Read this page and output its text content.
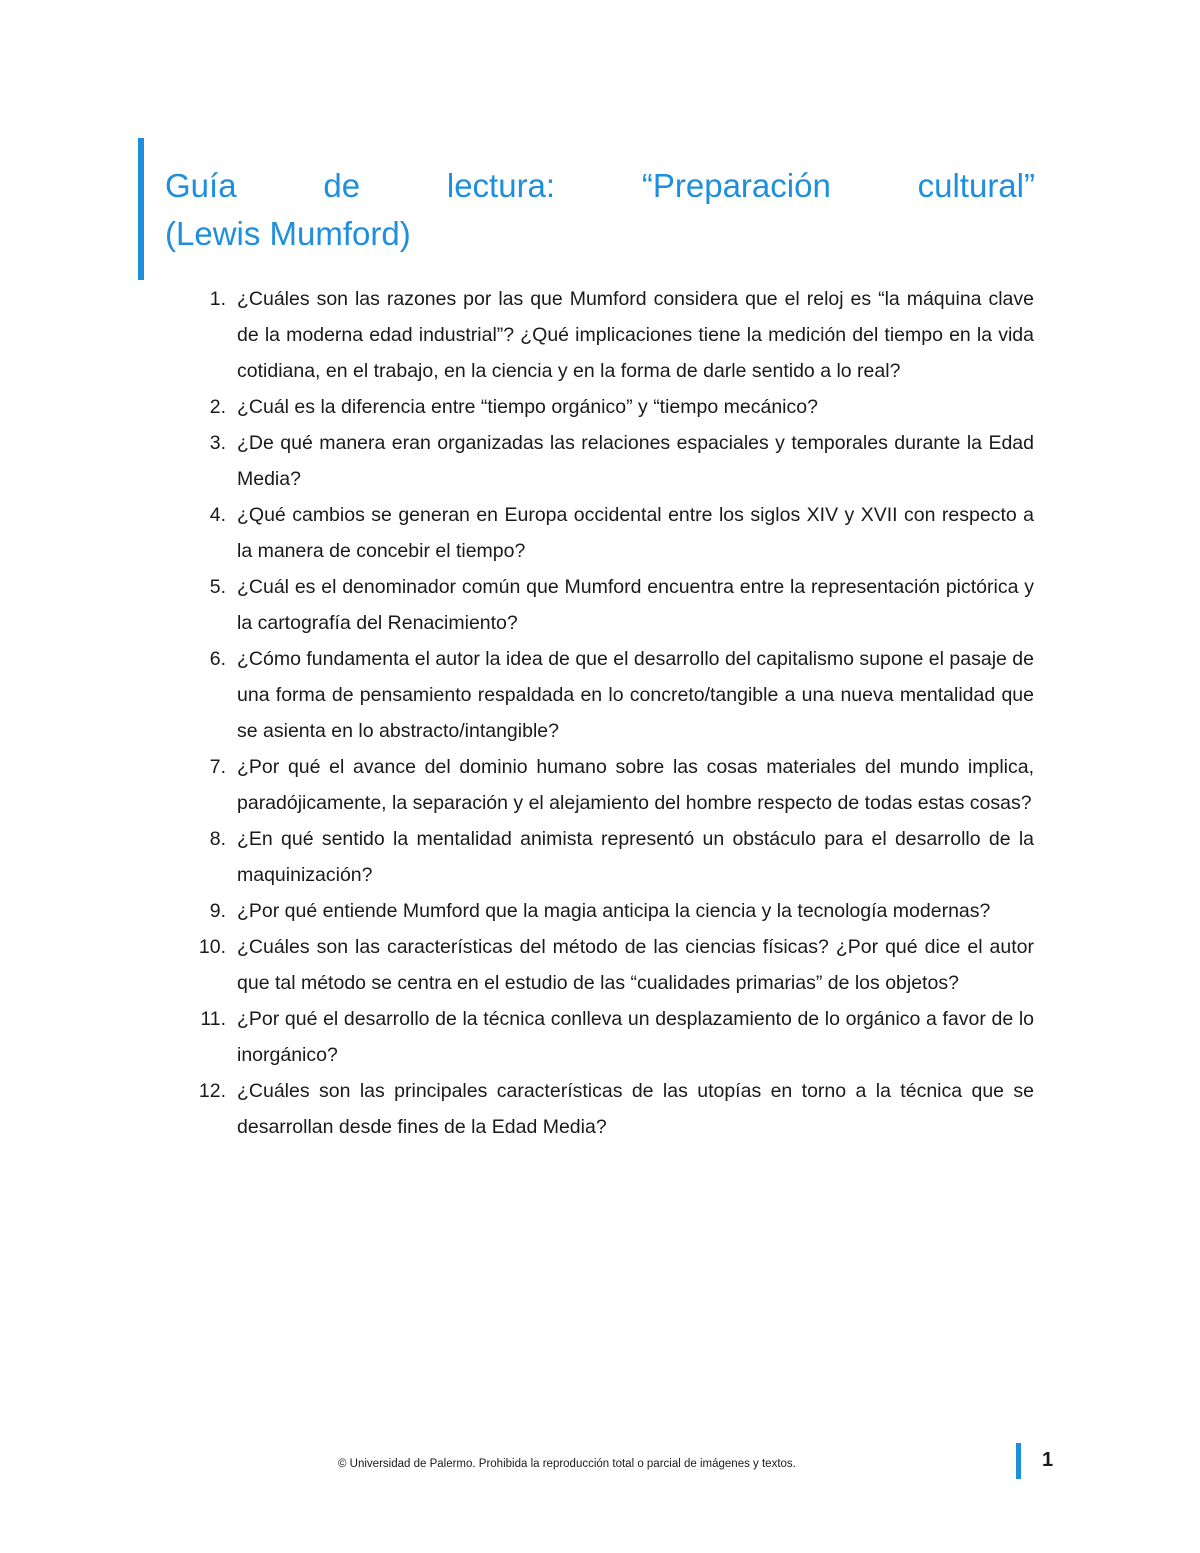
Guía	de	lectura:	“Preparación	cultural”
(Lewis Mumford)
1. ¿Cuáles son las razones por las que Mumford considera que el reloj es “la máquina clave de la moderna edad industrial”? ¿Qué implicaciones tiene la medición del tiempo en la vida cotidiana, en el trabajo, en la ciencia y en la forma de darle sentido a lo real?
2. ¿Cuál es la diferencia entre “tiempo orgánico” y “tiempo mecánico?
3. ¿De qué manera eran organizadas las relaciones espaciales y temporales durante la Edad Media?
4. ¿Qué cambios se generan en Europa occidental entre los siglos XIV y XVII con respecto a la manera de concebir el tiempo?
5. ¿Cuál es el denominador común que Mumford encuentra entre la representación pictórica y la cartografía del Renacimiento?
6. ¿Cómo fundamenta el autor la idea de que el desarrollo del capitalismo supone el pasaje de una forma de pensamiento respaldada en lo concreto/tangible a una nueva mentalidad que se asienta en lo abstracto/intangible?
7. ¿Por qué el avance del dominio humano sobre las cosas materiales del mundo implica, paradójicamente, la separación y el alejamiento del hombre respecto de todas estas cosas?
8. ¿En qué sentido la mentalidad animista representó un obstáculo para el desarrollo de la maquinización?
9. ¿Por qué entiende Mumford que la magia anticipa la ciencia y la tecnología modernas?
10. ¿Cuáles son las características del método de las ciencias físicas? ¿Por qué dice el autor que tal método se centra en el estudio de las “cualidades primarias” de los objetos?
11. ¿Por qué el desarrollo de la técnica conlleva un desplazamiento de lo orgánico a favor de lo inorgánico?
12. ¿Cuáles son las principales características de las utopías en torno a la técnica que se desarrollan desde fines de la Edad Media?
© Universidad de Palermo. Prohibida la reproducción total o parcial de imágenes y textos.	1
